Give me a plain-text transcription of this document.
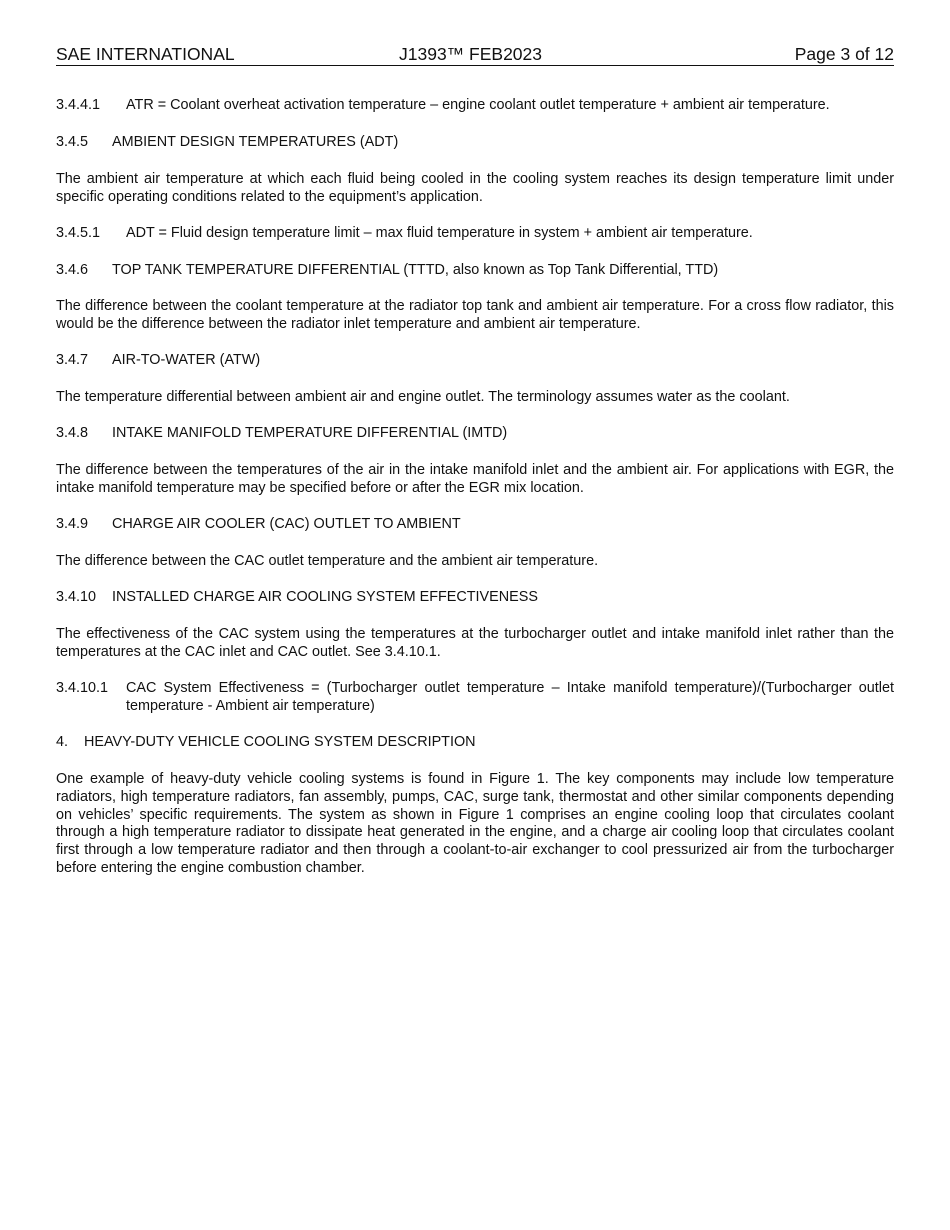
SAE INTERNATIONAL	J1393™ FEB2023	Page 3 of 12
3.4.4.1 ATR = Coolant overheat activation temperature – engine coolant outlet temperature + ambient air temperature.
3.4.5 AMBIENT DESIGN TEMPERATURES (ADT)

The ambient air temperature at which each fluid being cooled in the cooling system reaches its design temperature limit under specific operating conditions related to the equipment’s application.

3.4.5.1 ADT = Fluid design temperature limit – max fluid temperature in system + ambient air temperature.
3.4.6 TOP TANK TEMPERATURE DIFFERENTIAL (TTTD, also known as Top Tank Differential, TTD)

The difference between the coolant temperature at the radiator top tank and ambient air temperature. For a cross flow radiator, this would be the difference between the radiator inlet temperature and ambient air temperature.

3.4.7 AIR-TO-WATER (ATW)

The temperature differential between ambient air and engine outlet. The terminology assumes water as the coolant.

3.4.8 INTAKE MANIFOLD TEMPERATURE DIFFERENTIAL (IMTD)

The difference between the temperatures of the air in the intake manifold inlet and the ambient air. For applications with EGR, the intake manifold temperature may be specified before or after the EGR mix location.

3.4.9 CHARGE AIR COOLER (CAC) OUTLET TO AMBIENT

The difference between the CAC outlet temperature and the ambient air temperature.

3.4.10 INSTALLED CHARGE AIR COOLING SYSTEM EFFECTIVENESS

The effectiveness of the CAC system using the temperatures at the turbocharger outlet and intake manifold inlet rather than the temperatures at the CAC inlet and CAC outlet. See 3.4.10.1.

3.4.10.1 CAC System Effectiveness = (Turbocharger outlet temperature – Intake manifold temperature)/(Turbocharger outlet temperature - Ambient air temperature)
4. HEAVY-DUTY VEHICLE COOLING SYSTEM DESCRIPTION

One example of heavy-duty vehicle cooling systems is found in Figure 1. The key components may include low temperature radiators, high temperature radiators, fan assembly, pumps, CAC, surge tank, thermostat and other similar components depending on vehicles’ specific requirements. The system as shown in Figure 1 comprises an engine cooling loop that circulates coolant through a high temperature radiator to dissipate heat generated in the engine, and a charge air cooling loop that circulates coolant first through a low temperature radiator and then through a coolant-to-air exchanger to cool pressurized air from the turbocharger before entering the engine combustion chamber.
